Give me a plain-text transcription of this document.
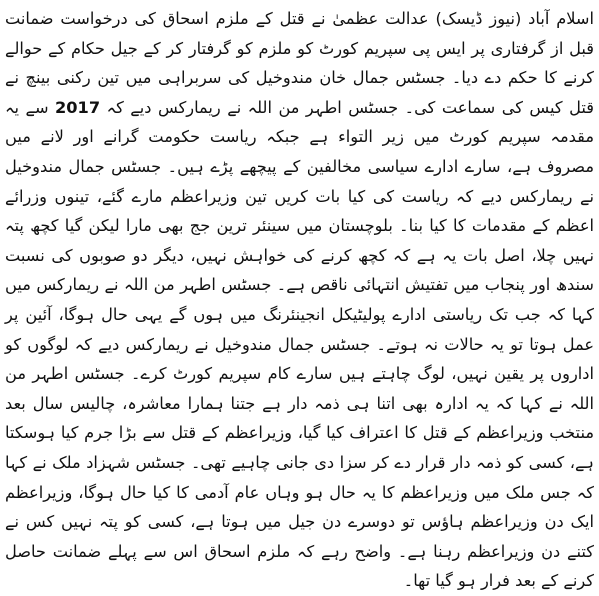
اسلام آباد (نیوز ڈیسک) عدالت عظمیٰ نے قتل کے ملزم اسحاق کی درخواست ضمانت قبل از گرفتاری پر ایس پی سپریم کورٹ کو ملزم کو گرفتار کر کے جیل حکام کے حوالے کرنے کا حکم دے دیا۔ جسٹس جمال خان مندوخیل کی سربراہی میں تین رکنی بینچ نے قتل کیس کی سماعت کی۔ جسٹس اطہر من اللہ نے ریمارکس دیے کہ 2017 سے یہ مقدمہ سپریم کورٹ میں زیر التواء ہے جبکہ ریاست حکومت گرانے اور لانے میں مصروف ہے، سارے ادارے سیاسی مخالفین کے پیچھے پڑے ہیں۔ جسٹس جمال مندوخیل نے ریمارکس دیے کہ ریاست کی کیا بات کریں تین وزیراعظم مارے گئے، تینوں وزرائے اعظم کے مقدمات کا کیا بنا۔ بلوچستان میں سینئر ترین جج بھی مارا لیکن گیا کچھ پتہ نہیں چلا، اصل بات یہ ہے کہ کچھ کرنے کی خواہش نہیں، دیگر دو صوبوں کی نسبت سندھ اور پنجاب میں تفتیش انتہائی ناقص ہے۔ جسٹس اطہر من اللہ نے ریمارکس میں کہا کہ جب تک ریاستی ادارے پولیٹیکل انجینئرنگ میں ہوں گے یہی حال ہوگا، آئین پر عمل ہوتا تو یہ حالات نہ ہوتے۔ جسٹس جمال مندوخیل نے ریمارکس دیے کہ لوگوں کو اداروں پر یقین نہیں، لوگ چاہتے ہیں سارے کام سپریم کورٹ کرے۔ جسٹس اطہر من اللہ نے کہا کہ یہ ادارہ بھی اتنا ہی ذمہ دار ہے جتنا ہمارا معاشرہ، چالیس سال بعد منتخب وزیراعظم کے قتل کا اعتراف کیا گیا، وزیراعظم کے قتل سے بڑا جرم کیا ہوسکتا ہے، کسی کو ذمہ دار قرار دے کر سزا دی جانی چاہیے تھی۔ جسٹس شہزاد ملک نے کہا کہ جس ملک میں وزیراعظم کا یہ حال ہو وہاں عام آدمی کا کیا حال ہوگا، وزیراعظم ایک دن وزیراعظم ہاؤس تو دوسرے دن جیل میں ہوتا ہے، کسی کو پتہ نہیں کس نے کتنے دن وزیراعظم رہنا ہے۔ واضح رہے کہ ملزم اسحاق اس سے پہلے ضمانت حاصل کرنے کے بعد فرار ہو گیا تھا۔
